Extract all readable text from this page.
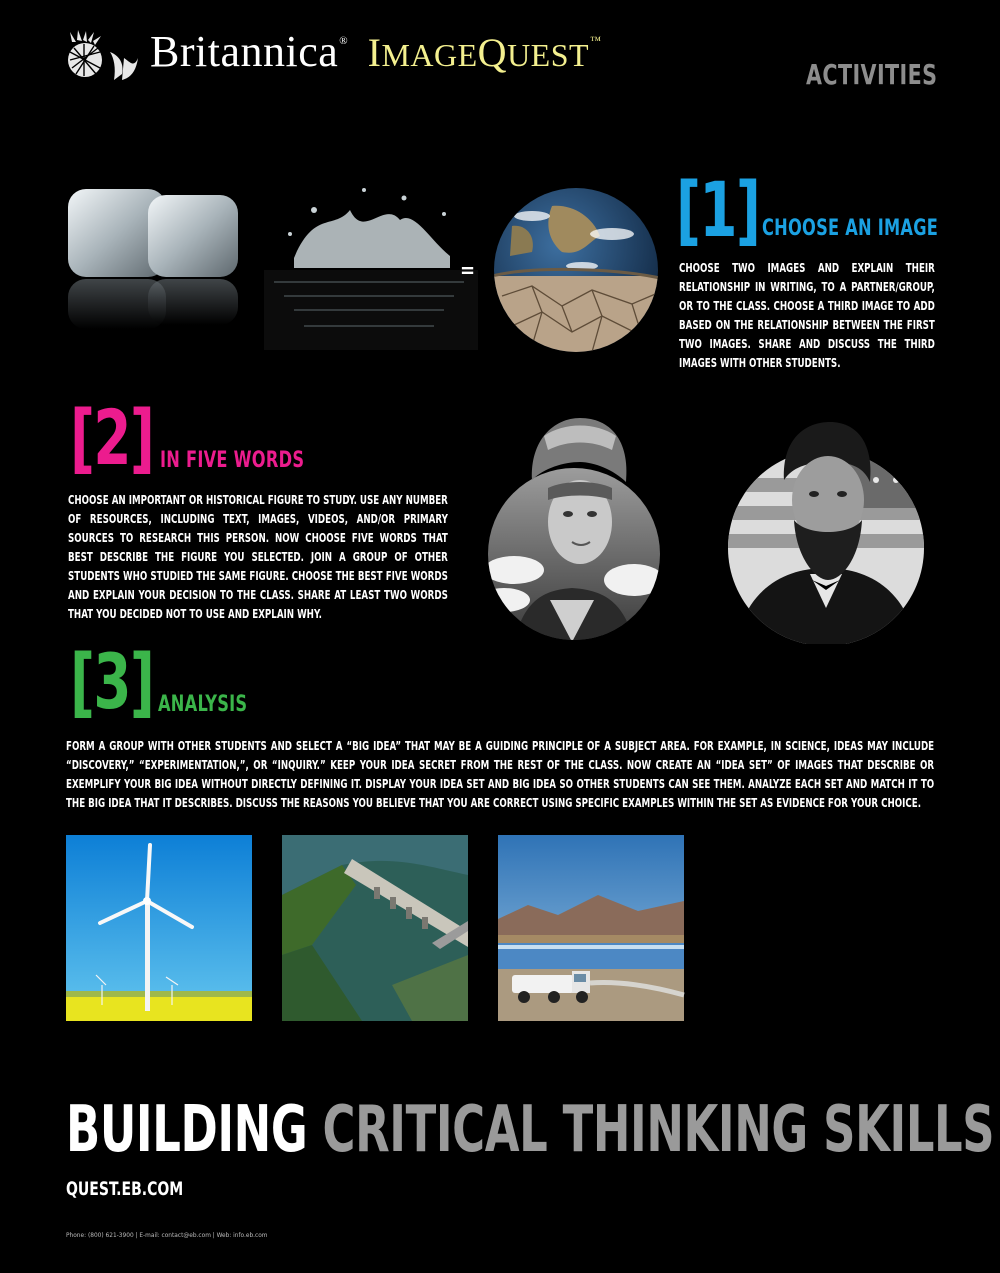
Britannica® IMAGEQUEST™
ACTIVITIES
=
[1] CHOOSE AN IMAGE
CHOOSE TWO IMAGES AND EXPLAIN THEIR RELATIONSHIP IN WRITING, TO A PARTNER/GROUP, OR TO THE CLASS. CHOOSE A THIRD IMAGE TO ADD BASED ON THE RELATIONSHIP BETWEEN THE FIRST TWO IMAGES. SHARE AND DISCUSS THE THIRD IMAGES WITH OTHER STUDENTS.
[2] IN FIVE WORDS
CHOOSE AN IMPORTANT OR HISTORICAL FIGURE TO STUDY. USE ANY NUMBER OF RESOURCES, INCLUDING TEXT, IMAGES, VIDEOS, AND/OR PRIMARY SOURCES TO RESEARCH THIS PERSON. NOW CHOOSE FIVE WORDS THAT BEST DESCRIBE THE FIGURE YOU SELECTED. JOIN A GROUP OF OTHER STUDENTS WHO STUDIED THE SAME FIGURE. CHOOSE THE BEST FIVE WORDS AND EXPLAIN YOUR DECISION TO THE CLASS. SHARE AT LEAST TWO WORDS THAT YOU DECIDED NOT TO USE AND EXPLAIN WHY.
[3] ANALYSIS
FORM A GROUP WITH OTHER STUDENTS AND SELECT A “BIG IDEA” THAT MAY BE A GUIDING PRINCIPLE OF A SUBJECT AREA. FOR EXAMPLE, IN SCIENCE, IDEAS MAY INCLUDE “DISCOVERY,” “EXPERIMENTATION,”, OR “INQUIRY.” KEEP YOUR IDEA SECRET FROM THE REST OF THE CLASS. NOW CREATE AN “IDEA SET” OF IMAGES THAT DESCRIBE OR EXEMPLIFY YOUR BIG IDEA WITHOUT DIRECTLY DEFINING IT. DISPLAY YOUR IDEA SET AND BIG IDEA SO OTHER STUDENTS CAN SEE THEM. ANALYZE EACH SET AND MATCH IT TO THE BIG IDEA THAT IT DESCRIBES. DISCUSS THE REASONS YOU BELIEVE THAT YOU ARE CORRECT USING SPECIFIC EXAMPLES WITHIN THE SET AS EVIDENCE FOR YOUR CHOICE.
BUILDING CRITICAL THINKING SKILLS
QUEST.EB.COM
Phone: (800) 621-3900 | E-mail: contact@eb.com | Web: info.eb.com
